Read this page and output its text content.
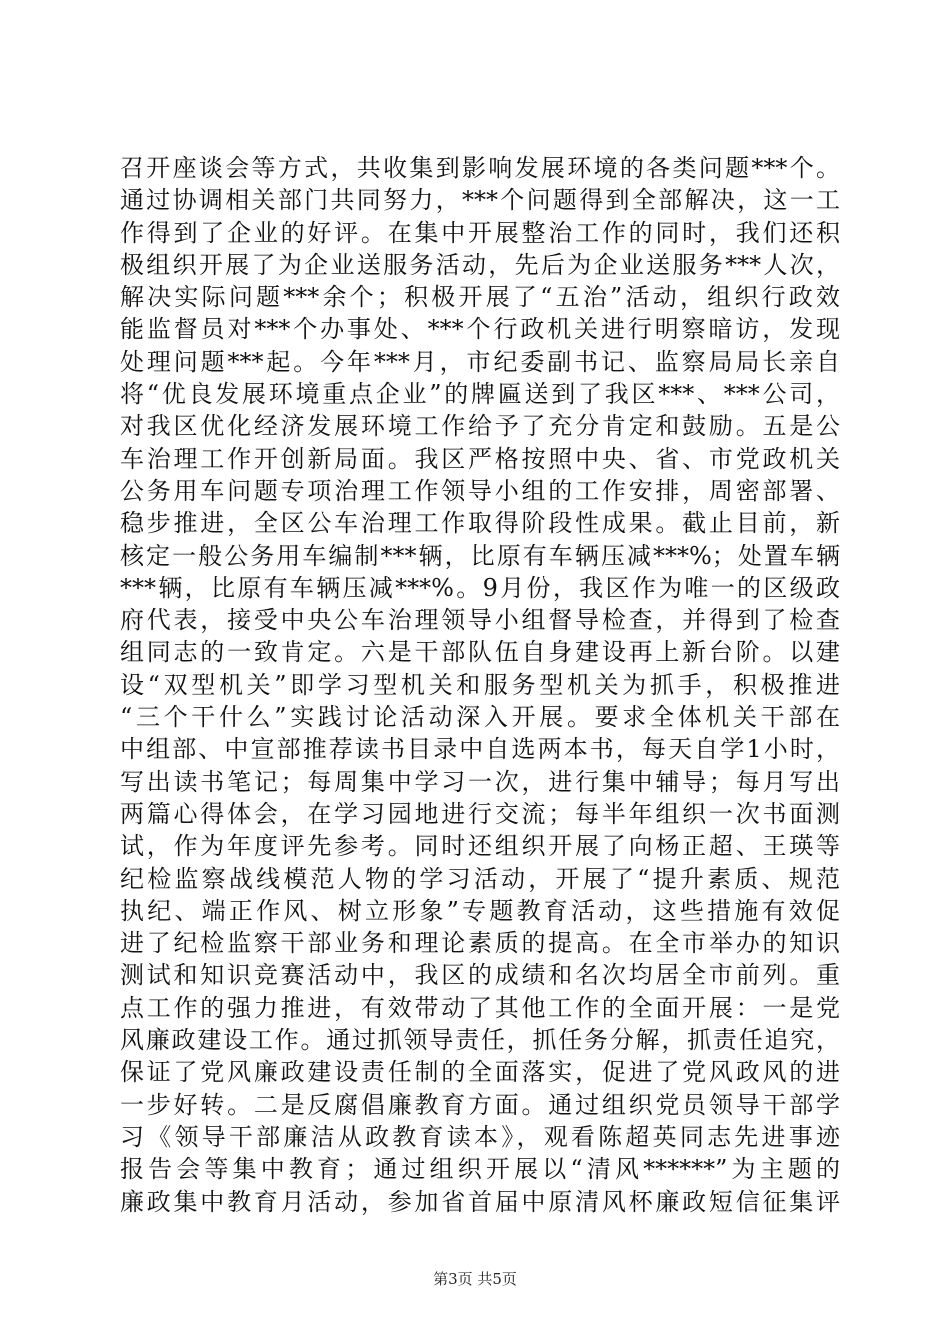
召开座谈会等方式，共收集到影响发展环境的各类问题***个。
通过协调相关部门共同努力，***个问题得到全部解决，这一工
作得到了企业的好评。在集中开展整治工作的同时，我们还积
极组织开展了为企业送服务活动，先后为企业送服务***人次，
解决实际问题***余个；积极开展了“五治”活动，组织行政效
能监督员对***个办事处、***个行政机关进行明察暗访，发现
处理问题***起。今年***月，市纪委副书记、监察局局长亲自
将“优良发展环境重点企业”的牌匾送到了我区***、***公司，
对我区优化经济发展环境工作给予了充分肯定和鼓励。五是公
车治理工作开创新局面。我区严格按照中央、省、市党政机关
公务用车问题专项治理工作领导小组的工作安排，周密部署、
稳步推进，全区公车治理工作取得阶段性成果。截止目前，新
核定一般公务用车编制***辆，比原有车辆压减***%；处置车辆
***辆，比原有车辆压减***%。9月份，我区作为唯一的区级政
府代表，接受中央公车治理领导小组督导检查，并得到了检查
组同志的一致肯定。六是干部队伍自身建设再上新台阶。以建
设“双型机关”即学习型机关和服务型机关为抓手，积极推进
“三个干什么”实践讨论活动深入开展。要求全体机关干部在
中组部、中宣部推荐读书目录中自选两本书，每天自学1小时，
写出读书笔记；每周集中学习一次，进行集中辅导；每月写出
两篇心得体会，在学习园地进行交流；每半年组织一次书面测
试，作为年度评先参考。同时还组织开展了向杨正超、王瑛等
纪检监察战线模范人物的学习活动，开展了“提升素质、规范
执纪、端正作风、树立形象”专题教育活动，这些措施有效促
进了纪检监察干部业务和理论素质的提高。在全市举办的知识
测试和知识竞赛活动中，我区的成绩和名次均居全市前列。重
点工作的强力推进，有效带动了其他工作的全面开展：一是党
风廉政建设工作。通过抓领导责任，抓任务分解，抓责任追究，
保证了党风廉政建设责任制的全面落实，促进了党风政风的进
一步好转。二是反腐倡廉教育方面。通过组织党员领导干部学
习《领导干部廉洁从政教育读本》，观看陈超英同志先进事迹
报告会等集中教育；通过组织开展以“清风******”为主题的
廉政集中教育月活动，参加省首届中原清风杯廉政短信征集评
第3页 共5页
